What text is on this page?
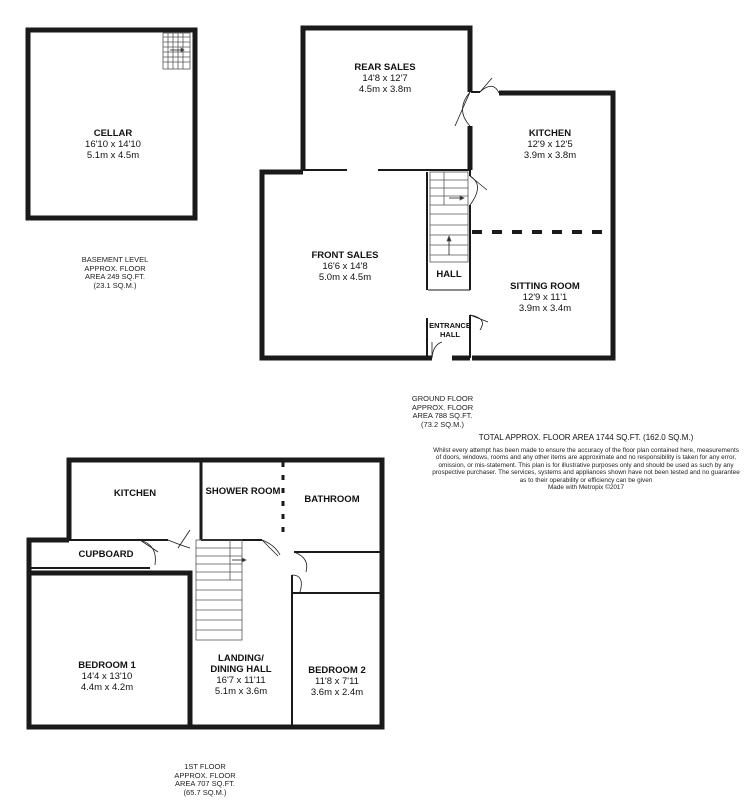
CELLAR
16'10 x 14'10
5.1m x 4.5m
BASEMENT LEVEL
APPROX. FLOOR
AREA 249 SQ.FT.
(23.1 SQ.M.)
REAR SALES
14'8 x 12'7
4.5m x 3.8m
KITCHEN
12'9 x 12'5
3.9m x 3.8m
FRONT SALES
16'6 x 14'8
5.0m x 4.5m	HALL
SITTING ROOM
12'9 x 11'1
3.9m x 3.4m
ENTRANCE
HALL
GROUND FLOOR
APPROX. FLOOR
AREA 788 SQ.FT.
(73.2 SQ.M.)
TOTAL APPROX. FLOOR AREA 1744 SQ.FT. (162.0 SQ.M.)
Whilst every attempt has been made to ensure the accuracy of the floor plan contained here, measurements
of doors, windows, rooms and any other items are approximate and no responsibility is taken for any error,
omission, or mis-statement. This plan is for illustrative purposes only and should be used as such by any
prospective purchaser. The services, systems and appliances shown have not been tested and no guarantee
as to their operability or efficiency can be given
Made with Metropix ©2017
KITCHEN	SHOWER ROOM
BATHROOM
CUPBOARD
BEDROOM 1
14'4 x 13'10
4.4m x 4.2m
LANDING/
DINING HALL
16'7 x 11'11
5.1m x 3.6m
BEDROOM 2
11'8 x 7'11
3.6m x 2.4m
1ST FLOOR
APPROX. FLOOR
AREA 707 SQ.FT.
(65.7 SQ.M.)
